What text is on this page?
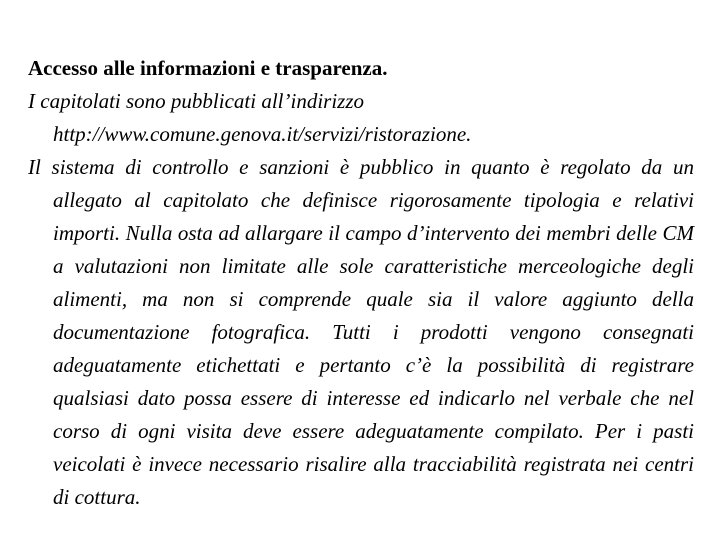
Accesso alle informazioni e trasparenza.

I capitolati sono pubblicati all’indirizzo
http://www.comune.genova.it/servizi/ristorazione.

Il sistema di controllo e sanzioni è pubblico in quanto è regolato da un allegato al capitolato che definisce rigorosamente tipologia e relativi importi. Nulla osta ad allargare il campo d’intervento dei membri delle CM a valutazioni non limitate alle sole caratteristiche merceologiche degli alimenti, ma non si comprende quale sia il valore aggiunto della documentazione fotografica. Tutti i prodotti vengono consegnati adeguatamente etichettati e pertanto c’è la possibilità di registrare qualsiasi dato possa essere di interesse ed indicarlo nel verbale che nel corso di ogni visita deve essere adeguatamente compilato. Per i pasti veicolati è invece necessario risalire alla tracciabilità registrata nei centri di cottura.
